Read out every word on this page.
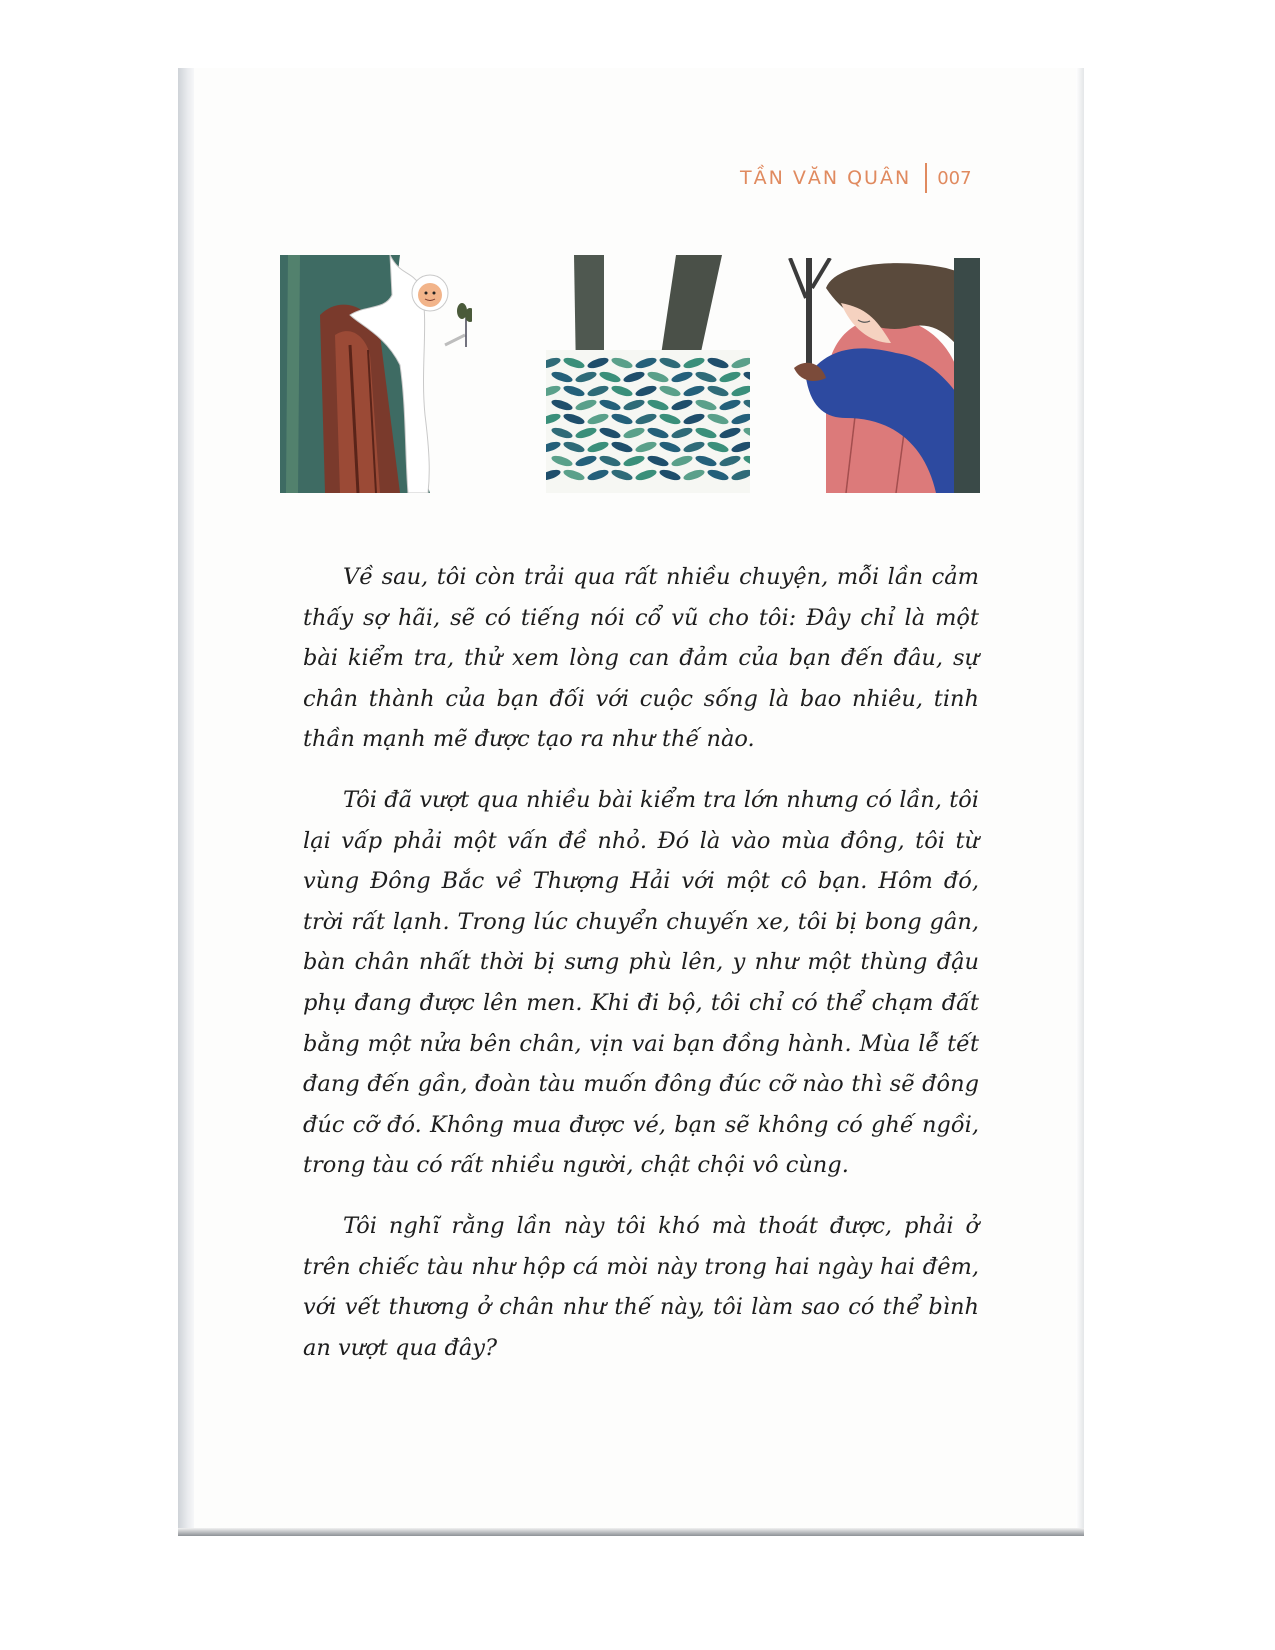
TẦN VĂN QUÂN 007

Về sau, tôi còn trải qua rất nhiều chuyện, mỗi lần cảm thấy sợ hãi, sẽ có tiếng nói cổ vũ cho tôi: Đây chỉ là một bài kiểm tra, thử xem lòng can đảm của bạn đến đâu, sự chân thành của bạn đối với cuộc sống là bao nhiêu, tinh thần mạnh mẽ được tạo ra như thế nào.

Tôi đã vượt qua nhiều bài kiểm tra lớn nhưng có lần, tôi lại vấp phải một vấn đề nhỏ. Đó là vào mùa đông, tôi từ vùng Đông Bắc về Thượng Hải với một cô bạn. Hôm đó, trời rất lạnh. Trong lúc chuyển chuyến xe, tôi bị bong gân, bàn chân nhất thời bị sưng phù lên, y như một thùng đậu phụ đang được lên men. Khi đi bộ, tôi chỉ có thể chạm đất bằng một nửa bên chân, vịn vai bạn đồng hành. Mùa lễ tết đang đến gần, đoàn tàu muốn đông đúc cỡ nào thì sẽ đông đúc cỡ đó. Không mua được vé, bạn sẽ không có ghế ngồi, trong tàu có rất nhiều người, chật chội vô cùng.

Tôi nghĩ rằng lần này tôi khó mà thoát được, phải ở trên chiếc tàu như hộp cá mòi này trong hai ngày hai đêm, với vết thương ở chân như thế này, tôi làm sao có thể bình an vượt qua đây?
